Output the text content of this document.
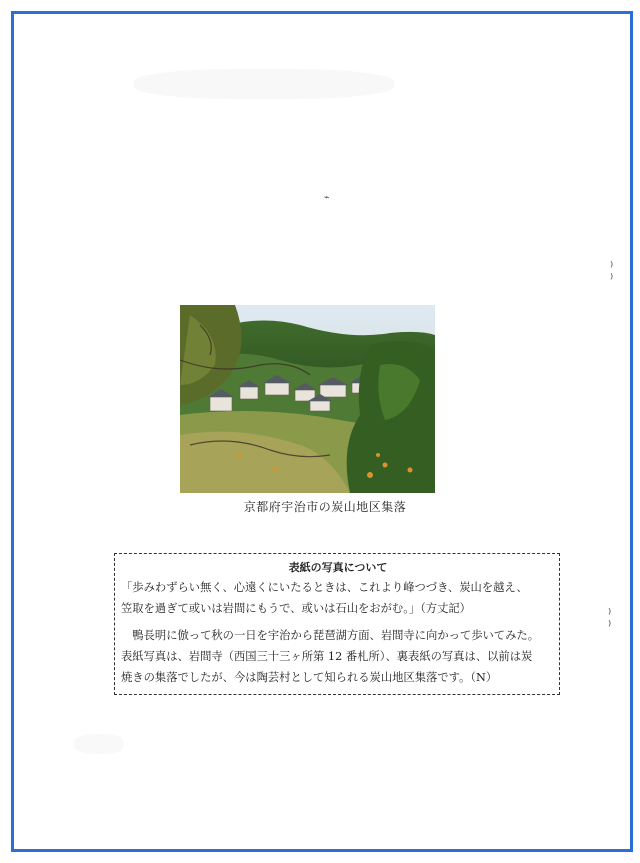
⁾
⁾
⁾
⁾
⌁
京都府宇治市の炭山地区集落
表紙の写真について

「歩みわずらい無く、心遠くにいたるときは、これより峰つづき、炭山を越え、

笠取を過ぎて或いは岩間にもうで、或いは石山をおがむ。」（方丈記）

鴨長明に倣って秋の一日を宇治から琵琶湖方面、岩間寺に向かって歩いてみた。

表紙写真は、岩間寺（西国三十三ヶ所第 12 番札所）、裏表紙の写真は、以前は炭

焼きの集落でしたが、今は陶芸村として知られる炭山地区集落です。（N）
